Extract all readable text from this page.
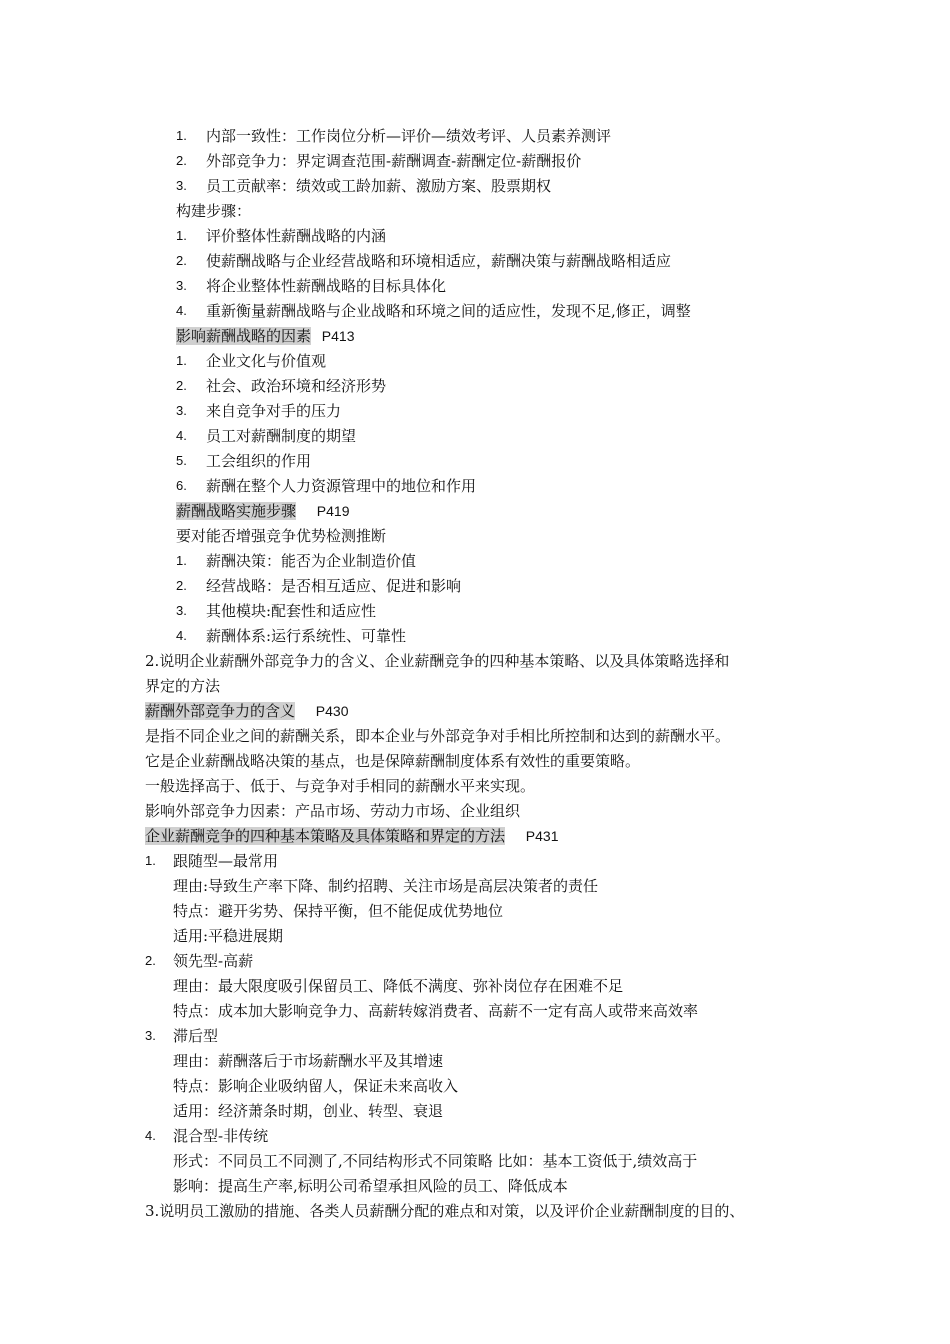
1. 内部一致性：工作岗位分析—评价—绩效考评、人员素养测评
2. 外部竞争力：界定调查范围-薪酬调查-薪酬定位-薪酬报价
3. 员工贡献率：绩效或工龄加薪、激励方案、股票期权
构建步骤：
1. 评价整体性薪酬战略的内涵
2. 使薪酬战略与企业经营战略和环境相适应，薪酬决策与薪酬战略相适应
3. 将企业整体性薪酬战略的目标具体化
4. 重新衡量薪酬战略与企业战略和环境之间的适应性，发现不足,修正，调整
影响薪酬战略的因素 P413
1. 企业文化与价值观
2. 社会、政治环境和经济形势
3. 来自竞争对手的压力
4. 员工对薪酬制度的期望
5. 工会组织的作用
6. 薪酬在整个人力资源管理中的地位和作用
薪酬战略实施步骤 P419
要对能否增强竞争优势检测推断
1. 薪酬决策：能否为企业制造价值
2. 经营战略：是否相互适应、促进和影响
3. 其他模块:配套性和适应性
4. 薪酬体系:运行系统性、可靠性
2.说明企业薪酬外部竞争力的含义、企业薪酬竞争的四种基本策略、以及具体策略选择和
界定的方法
薪酬外部竞争力的含义 P430
是指不同企业之间的薪酬关系，即本企业与外部竞争对手相比所控制和达到的薪酬水平。
它是企业薪酬战略决策的基点，也是保障薪酬制度体系有效性的重要策略。
一般选择高于、低于、与竞争对手相同的薪酬水平来实现。
影响外部竞争力因素：产品市场、劳动力市场、企业组织
企业薪酬竞争的四种基本策略及具体策略和界定的方法 P431
1. 跟随型—最常用
理由:导致生产率下降、制约招聘、关注市场是高层决策者的责任
特点：避开劣势、保持平衡，但不能促成优势地位
适用:平稳进展期
2. 领先型-高薪
理由：最大限度吸引保留员工、降低不满度、弥补岗位存在困难不足
特点：成本加大影响竞争力、高薪转嫁消费者、高薪不一定有高人或带来高效率
3. 滞后型
理由：薪酬落后于市场薪酬水平及其增速
特点：影响企业吸纳留人，保证未来高收入
适用：经济萧条时期，创业、转型、衰退
4. 混合型-非传统
形式：不同员工不同测了,不同结构形式不同策略 比如：基本工资低于,绩效高于
影响：提高生产率,标明公司希望承担风险的员工、降低成本
3.说明员工激励的措施、各类人员薪酬分配的难点和对策，以及评价企业薪酬制度的目的、
